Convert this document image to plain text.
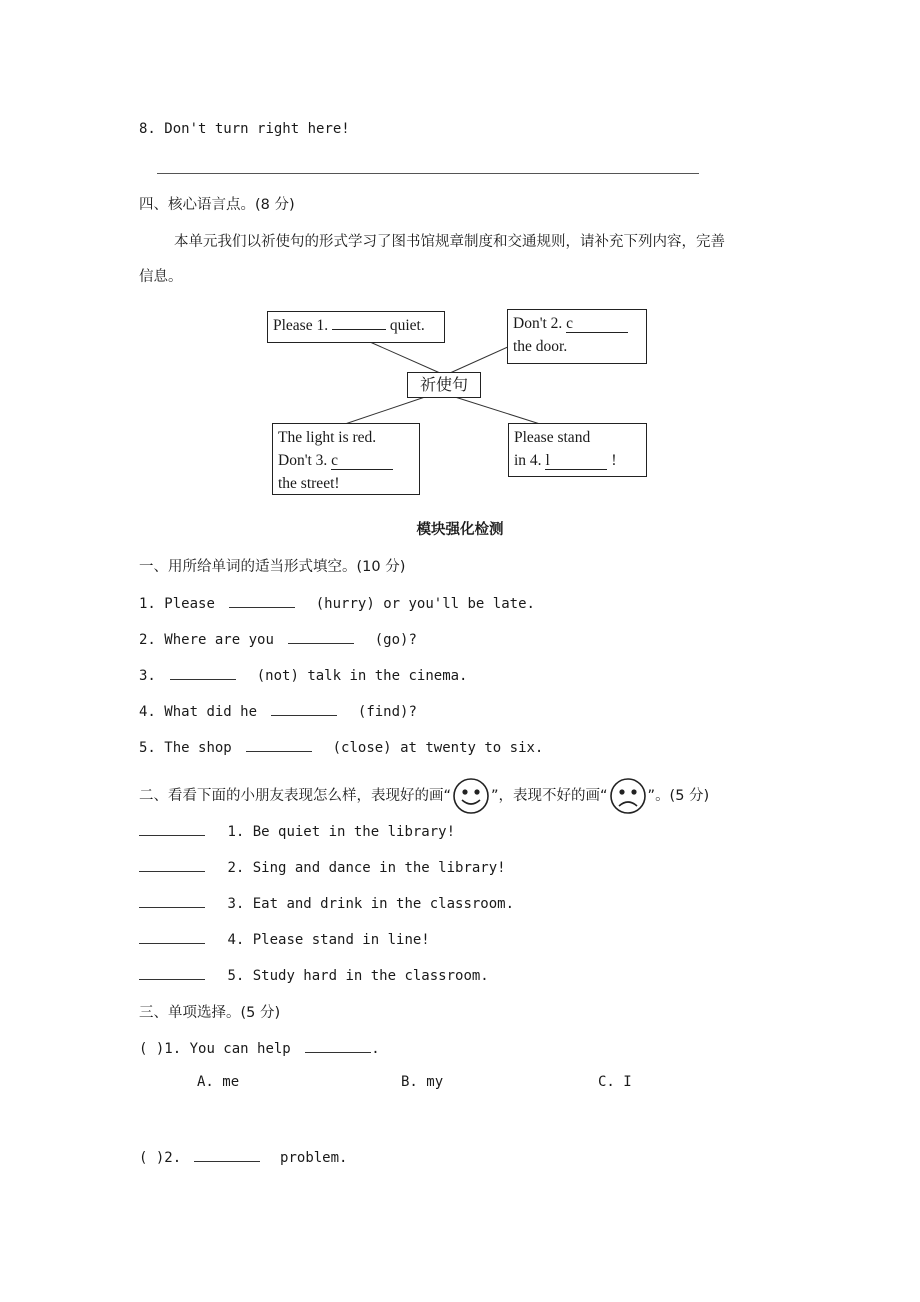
8. Don't turn right here!
四、核心语言点。(8 分)
本单元我们以祈使句的形式学习了图书馆规章制度和交通规则，请补充下列内容，完善
信息。
Please 1.	quiet.	Don't 2. c
the door.
祈使句
The light is red.
Don't 3. c
the street!
Please stand
in 4. l	!
模块强化检测
一、用所给单词的适当形式填空。(10 分)
1. Please	(hurry) or you'll be late.
2. Where are you	(go)?
3.	(not) talk in the cinema.
4. What did he	(find)?
5. The shop	(close) at twenty to six.
二、看看下面的小朋友表现怎么样，表现好的画“	”，表现不好的画“	”。(5 分)
1. Be quiet in the library!
2. Sing and dance in the library!
3. Eat and drink in the classroom.
4. Please stand in line!
5. Study hard in the classroom.
三、单项选择。(5 分)
( )1. You can help	.
A. me	B. my	C. I
( )2.	problem.
